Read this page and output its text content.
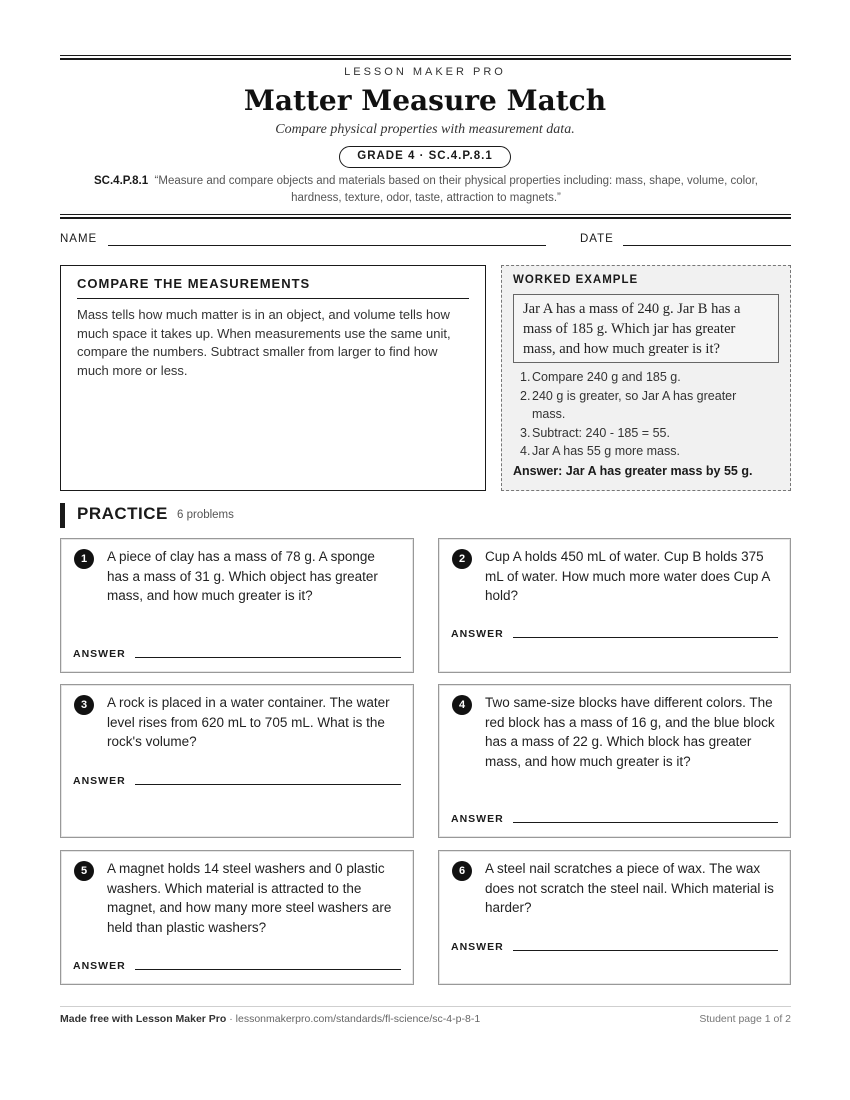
LESSON MAKER PRO
Matter Measure Match
Compare physical properties with measurement data.
GRADE 4 · SC.4.P.8.1
SC.4.P.8.1 “Measure and compare objects and materials based on their physical properties including: mass, shape, volume, color, hardness, texture, odor, taste, attraction to magnets.”
NAME	DATE
COMPARE THE MEASUREMENTS
Mass tells how much matter is in an object, and volume tells how much space it takes up. When measurements use the same unit, compare the numbers. Subtract smaller from larger to find how much more or less.
WORKED EXAMPLE
Jar A has a mass of 240 g. Jar B has a mass of 185 g. Which jar has greater mass, and how much greater is it?
1. Compare 240 g and 185 g.
2. 240 g is greater, so Jar A has greater
mass.
3. Subtract: 240 - 185 = 55.
4. Jar A has 55 g more mass.
Answer: Jar A has greater mass by 55 g.
PRACTICE 6 problems
1	A piece of clay has a mass of 78 g. A sponge has a mass of 31 g. Which object has greater mass, and how much greater is it?
ANSWER
2	Cup A holds 450 mL of water. Cup B holds 375 mL of water. How much more water does Cup A hold?
ANSWER
3	A rock is placed in a water container. The water level rises from 620 mL to 705 mL. What is the rock's volume?
ANSWER
4	Two same-size blocks have different colors. The red block has a mass of 16 g, and the blue block has a mass of 22 g. Which block has greater mass, and how much greater is it?
ANSWER
5	A magnet holds 14 steel washers and 0 plastic washers. Which material is attracted to the magnet, and how many more steel washers are held than plastic washers?
ANSWER
6	A steel nail scratches a piece of wax. The wax does not scratch the steel nail. Which material is harder?
ANSWER
Made free with Lesson Maker Pro · lessonmakerpro.com/standards/fl-science/sc-4-p-8-1	Student page 1 of 2
